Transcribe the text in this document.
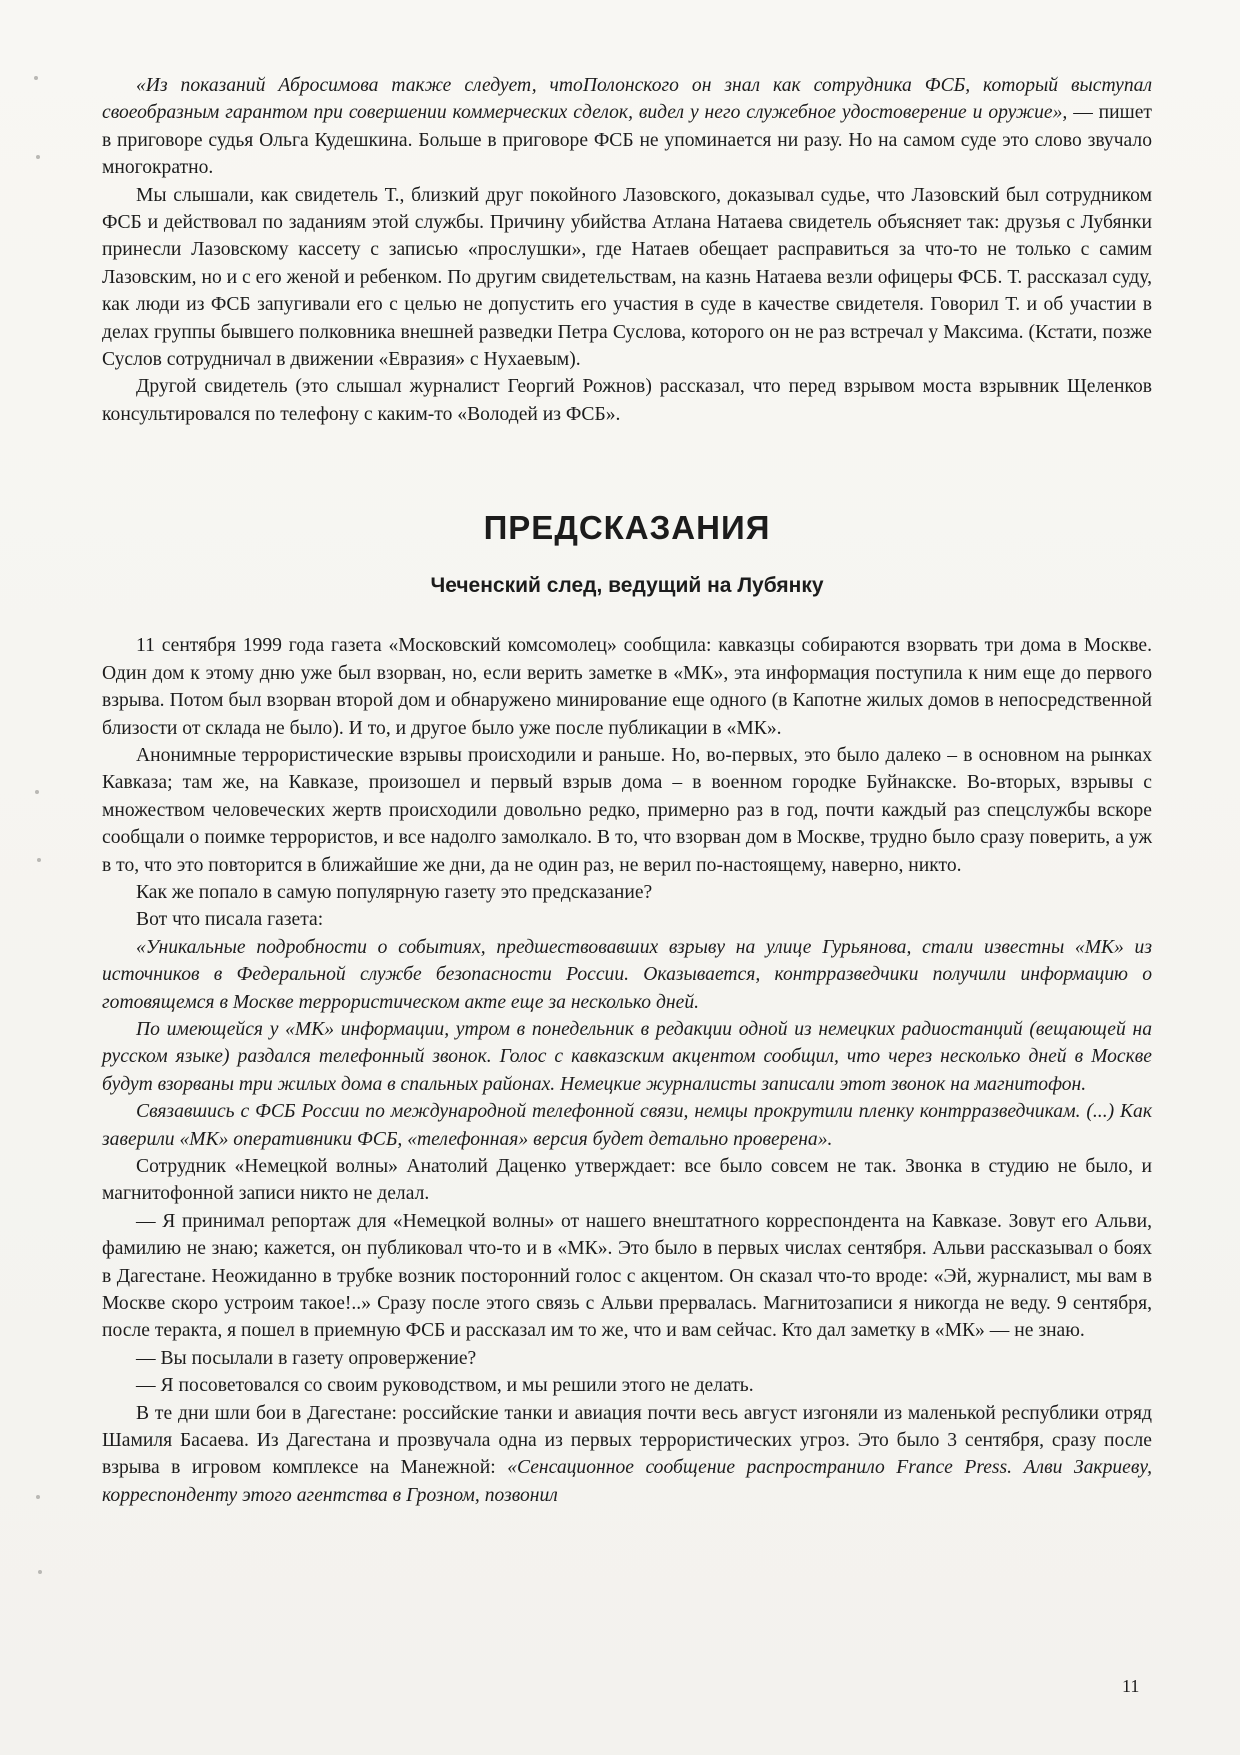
«Из показаний Абросимова также следует, чтоПолонского он знал как сотрудника ФСБ, который выступал своеобразным гарантом при совершении коммерческих сделок, видел у него служебное удостоверение и оружие», — пишет в приговоре судья Ольга Кудешкина. Больше в приговоре ФСБ не упоминается ни разу. Но на самом суде это слово звучало многократно.

Мы слышали, как свидетель Т., близкий друг покойного Лазовского, доказывал судье, что Лазовский был сотрудником ФСБ и действовал по заданиям этой службы. Причину убийства Атлана Натаева свидетель объясняет так: друзья с Лубянки принесли Лазовскому кассету с записью «прослушки», где Натаев обещает расправиться за что-то не только с самим Лазовским, но и с его женой и ребенком. По другим свидетельствам, на казнь Натаева везли офицеры ФСБ. Т. рассказал суду, как люди из ФСБ запугивали его с целью не допустить его участия в суде в качестве свидетеля. Говорил Т. и об участии в делах группы бывшего полковника внешней разведки Петра Суслова, которого он не раз встречал у Максима. (Кстати, позже Суслов сотрудничал в движении «Евразия» с Нухаевым).

Другой свидетель (это слышал журналист Георгий Рожнов) рассказал, что перед взрывом моста взрывник Щеленков консультировался по телефону с каким-то «Володей из ФСБ».

ПРЕДСКАЗАНИЯ
Чеченский след, ведущий на Лубянку

11 сентября 1999 года газета «Московский комсомолец» сообщила: кавказцы собираются взорвать три дома в Москве. Один дом к этому дню уже был взорван, но, если верить заметке в «МК», эта информация поступила к ним еще до первого взрыва. Потом был взорван второй дом и обнаружено минирование еще одного (в Капотне жилых домов в непосредственной близости от склада не было). И то, и другое было уже после публикации в «МК».

Анонимные террористические взрывы происходили и раньше. Но, во-первых, это было далеко – в основном на рынках Кавказа; там же, на Кавказе, произошел и первый взрыв дома – в военном городке Буйнакске. Во-вторых, взрывы с множеством человеческих жертв происходили довольно редко, примерно раз в год, почти каждый раз спецслужбы вскоре сообщали о поимке террористов, и все надолго замолкало. В то, что взорван дом в Москве, трудно было сразу поверить, а уж в то, что это повторится в ближайшие же дни, да не один раз, не верил по-настоящему, наверно, никто.

Как же попало в самую популярную газету это предсказание?

Вот что писала газета:

«Уникальные подробности о событиях, предшествовавших взрыву на улице Гурьянова, стали известны «МК» из источников в Федеральной службе безопасности России. Оказывается, контрразведчики получили информацию о готовящемся в Москве террористическом акте еще за несколько дней.

По имеющейся у «МК» информации, утром в понедельник в редакции одной из немецких радиостанций (вещающей на русском языке) раздался телефонный звонок. Голос с кавказским акцентом сообщил, что через несколько дней в Москве будут взорваны три жилых дома в спальных районах. Немецкие журналисты записали этот звонок на магнитофон.

Связавшись с ФСБ России по международной телефонной связи, немцы прокрутили пленку контрразведчикам. (...) Как заверили «МК» оперативники ФСБ, «телефонная» версия будет детально проверена».

Сотрудник «Немецкой волны» Анатолий Даценко утверждает: все было совсем не так. Звонка в студию не было, и магнитофонной записи никто не делал.

— Я принимал репортаж для «Немецкой волны» от нашего внештатного корреспондента на Кавказе. Зовут его Альви, фамилию не знаю; кажется, он публиковал что-то и в «МК». Это было в первых числах сентября. Альви рассказывал о боях в Дагестане. Неожиданно в трубке возник посторонний голос с акцентом. Он сказал что-то вроде: «Эй, журналист, мы вам в Москве скоро устроим такое!..» Сразу после этого связь с Альви прервалась. Магнитозаписи я никогда не веду. 9 сентября, после теракта, я пошел в приемную ФСБ и рассказал им то же, что и вам сейчас. Кто дал заметку в «МК» — не знаю.

— Вы посылали в газету опровержение?

— Я посоветовался со своим руководством, и мы решили этого не делать.

В те дни шли бои в Дагестане: российские танки и авиация почти весь август изгоняли из маленькой республики отряд Шамиля Басаева. Из Дагестана и прозвучала одна из первых террористических угроз. Это было 3 сентября, сразу после взрыва в игровом комплексе на Манежной: «Сенсационное сообщение распространило France Press. Алви Закриеву, корреспонденту этого агентства в Грозном, позвонил

11
